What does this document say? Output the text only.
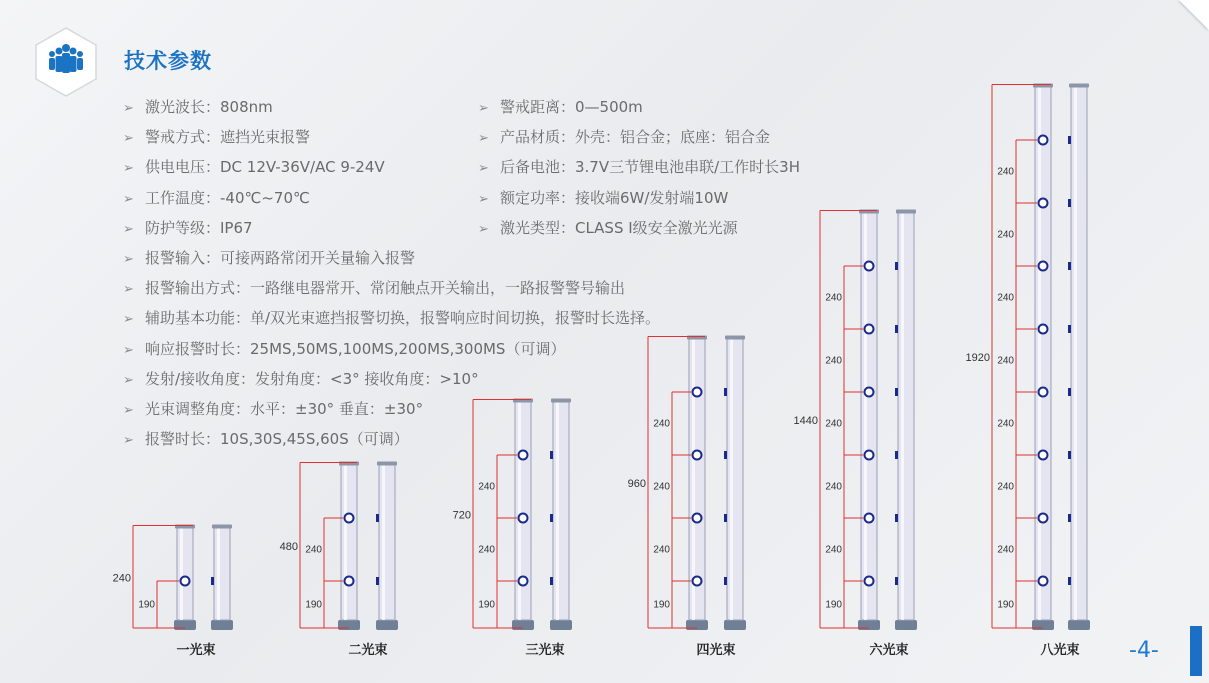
技术参数
➢ 激光波长：808nm
➢ 警戒方式：遮挡光束报警
➢ 供电电压：DC 12V-36V/AC 9-24V
➢ 工作温度：-40℃~70℃
➢ 防护等级：IP67
➢ 报警输入：可接两路常闭开关量输入报警
➢ 报警输出方式：一路继电器常开、常闭触点开关输出，一路报警警号输出
➢ 辅助基本功能：单/双光束遮挡报警切换，报警响应时间切换，报警时长选择。
➢ 响应报警时长：25MS,50MS,100MS,200MS,300MS（可调）
➢ 发射/接收角度：发射角度：<3° 接收角度：>10°
➢ 光束调整角度：水平：±30° 垂直：±30°
➢ 报警时长：10S,30S,45S,60S（可调）
➢ 警戒距离：0—500m
➢ 产品材质：外壳：铝合金；底座：铝合金
➢ 后备电池：3.7V三节锂电池串联/工作时长3H
➢ 额定功率：接收端6W/发射端10W
➢ 激光类型：CLASS I级安全激光光源
240
190
一光束
480
190
240
二光束
720
190
240
240
三光束
960
190
240
240
240
四光束
1440
190
240
240
240
240
240
六光束
1920
190
240
240
240
240
240
240
240
八光束 -4-
